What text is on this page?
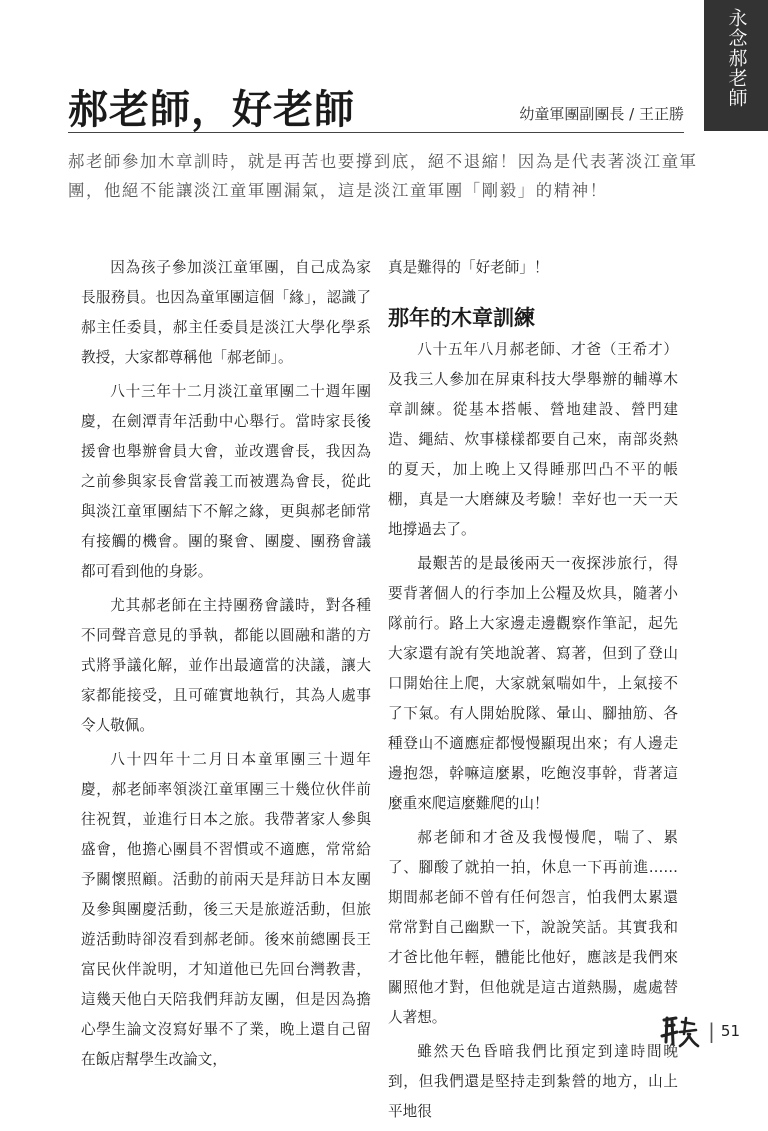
永念郝老師
郝老師，好老師	幼童軍團副團長 / 王正勝

郝老師參加木章訓時，就是再苦也要撐到底，絕不退縮！因為是代表著淡江童軍團，他絕不能讓淡江童軍團漏氣，這是淡江童軍團「剛毅」的精神！

因為孩子參加淡江童軍團，自己成為家長服務員。也因為童軍團這個「緣」，認識了郝主任委員，郝主任委員是淡江大學化學系教授，大家都尊稱他「郝老師」。

八十三年十二月淡江童軍團二十週年團慶，在劍潭青年活動中心舉行。當時家長後援會也舉辦會員大會，並改選會長，我因為之前參與家長會當義工而被選為會長，從此與淡江童軍團結下不解之緣，更與郝老師常有接觸的機會。團的聚會、團慶、團務會議都可看到他的身影。

尤其郝老師在主持團務會議時，對各種不同聲音意見的爭執，都能以圓融和諧的方式將爭議化解，並作出最適當的決議，讓大家都能接受，且可確實地執行，其為人處事令人敬佩。

八十四年十二月日本童軍團三十週年慶，郝老師率領淡江童軍團三十幾位伙伴前往祝賀，並進行日本之旅。我帶著家人參與盛會，他擔心團員不習慣或不適應，常常給予關懷照顧。活動的前兩天是拜訪日本友團及參與團慶活動，後三天是旅遊活動，但旅遊活動時卻沒看到郝老師。後來前總團長王富民伙伴說明，才知道他已先回台灣教書，這幾天他白天陪我們拜訪友團，但是因為擔心學生論文沒寫好畢不了業，晚上還自己留在飯店幫學生改論文，

真是難得的「好老師」！

那年的木章訓練

八十五年八月郝老師、才爸（王希才）及我三人參加在屏東科技大學舉辦的輔導木章訓練。從基本搭帳、營地建設、營門建造、繩結、炊事樣樣都要自己來，南部炎熱的夏天，加上晚上又得睡那凹凸不平的帳棚，真是一大磨練及考驗！幸好也一天一天地撐過去了。

最艱苦的是最後兩天一夜探涉旅行，得要背著個人的行李加上公糧及炊具，隨著小隊前行。路上大家邊走邊觀察作筆記，起先大家還有說有笑地說著、寫著，但到了登山口開始往上爬，大家就氣喘如牛，上氣接不了下氣。有人開始脫隊、暈山、腳抽筋、各種登山不適應症都慢慢顯現出來；有人邊走邊抱怨，幹嘛這麼累，吃飽沒事幹，背著這麼重來爬這麼難爬的山！

郝老師和才爸及我慢慢爬，喘了、累了、腳酸了就拍一拍，休息一下再前進……期間郝老師不曾有任何怨言，怕我們太累還常常對自己幽默一下，說說笑話。其實我和才爸比他年輕，體能比他好，應該是我們來關照他才對，但他就是這古道熱腸，處處替人著想。

雖然天色昏暗我們比預定到達時間晚到，但我們還是堅持走到紮營的地方，山上平地很

| 51
